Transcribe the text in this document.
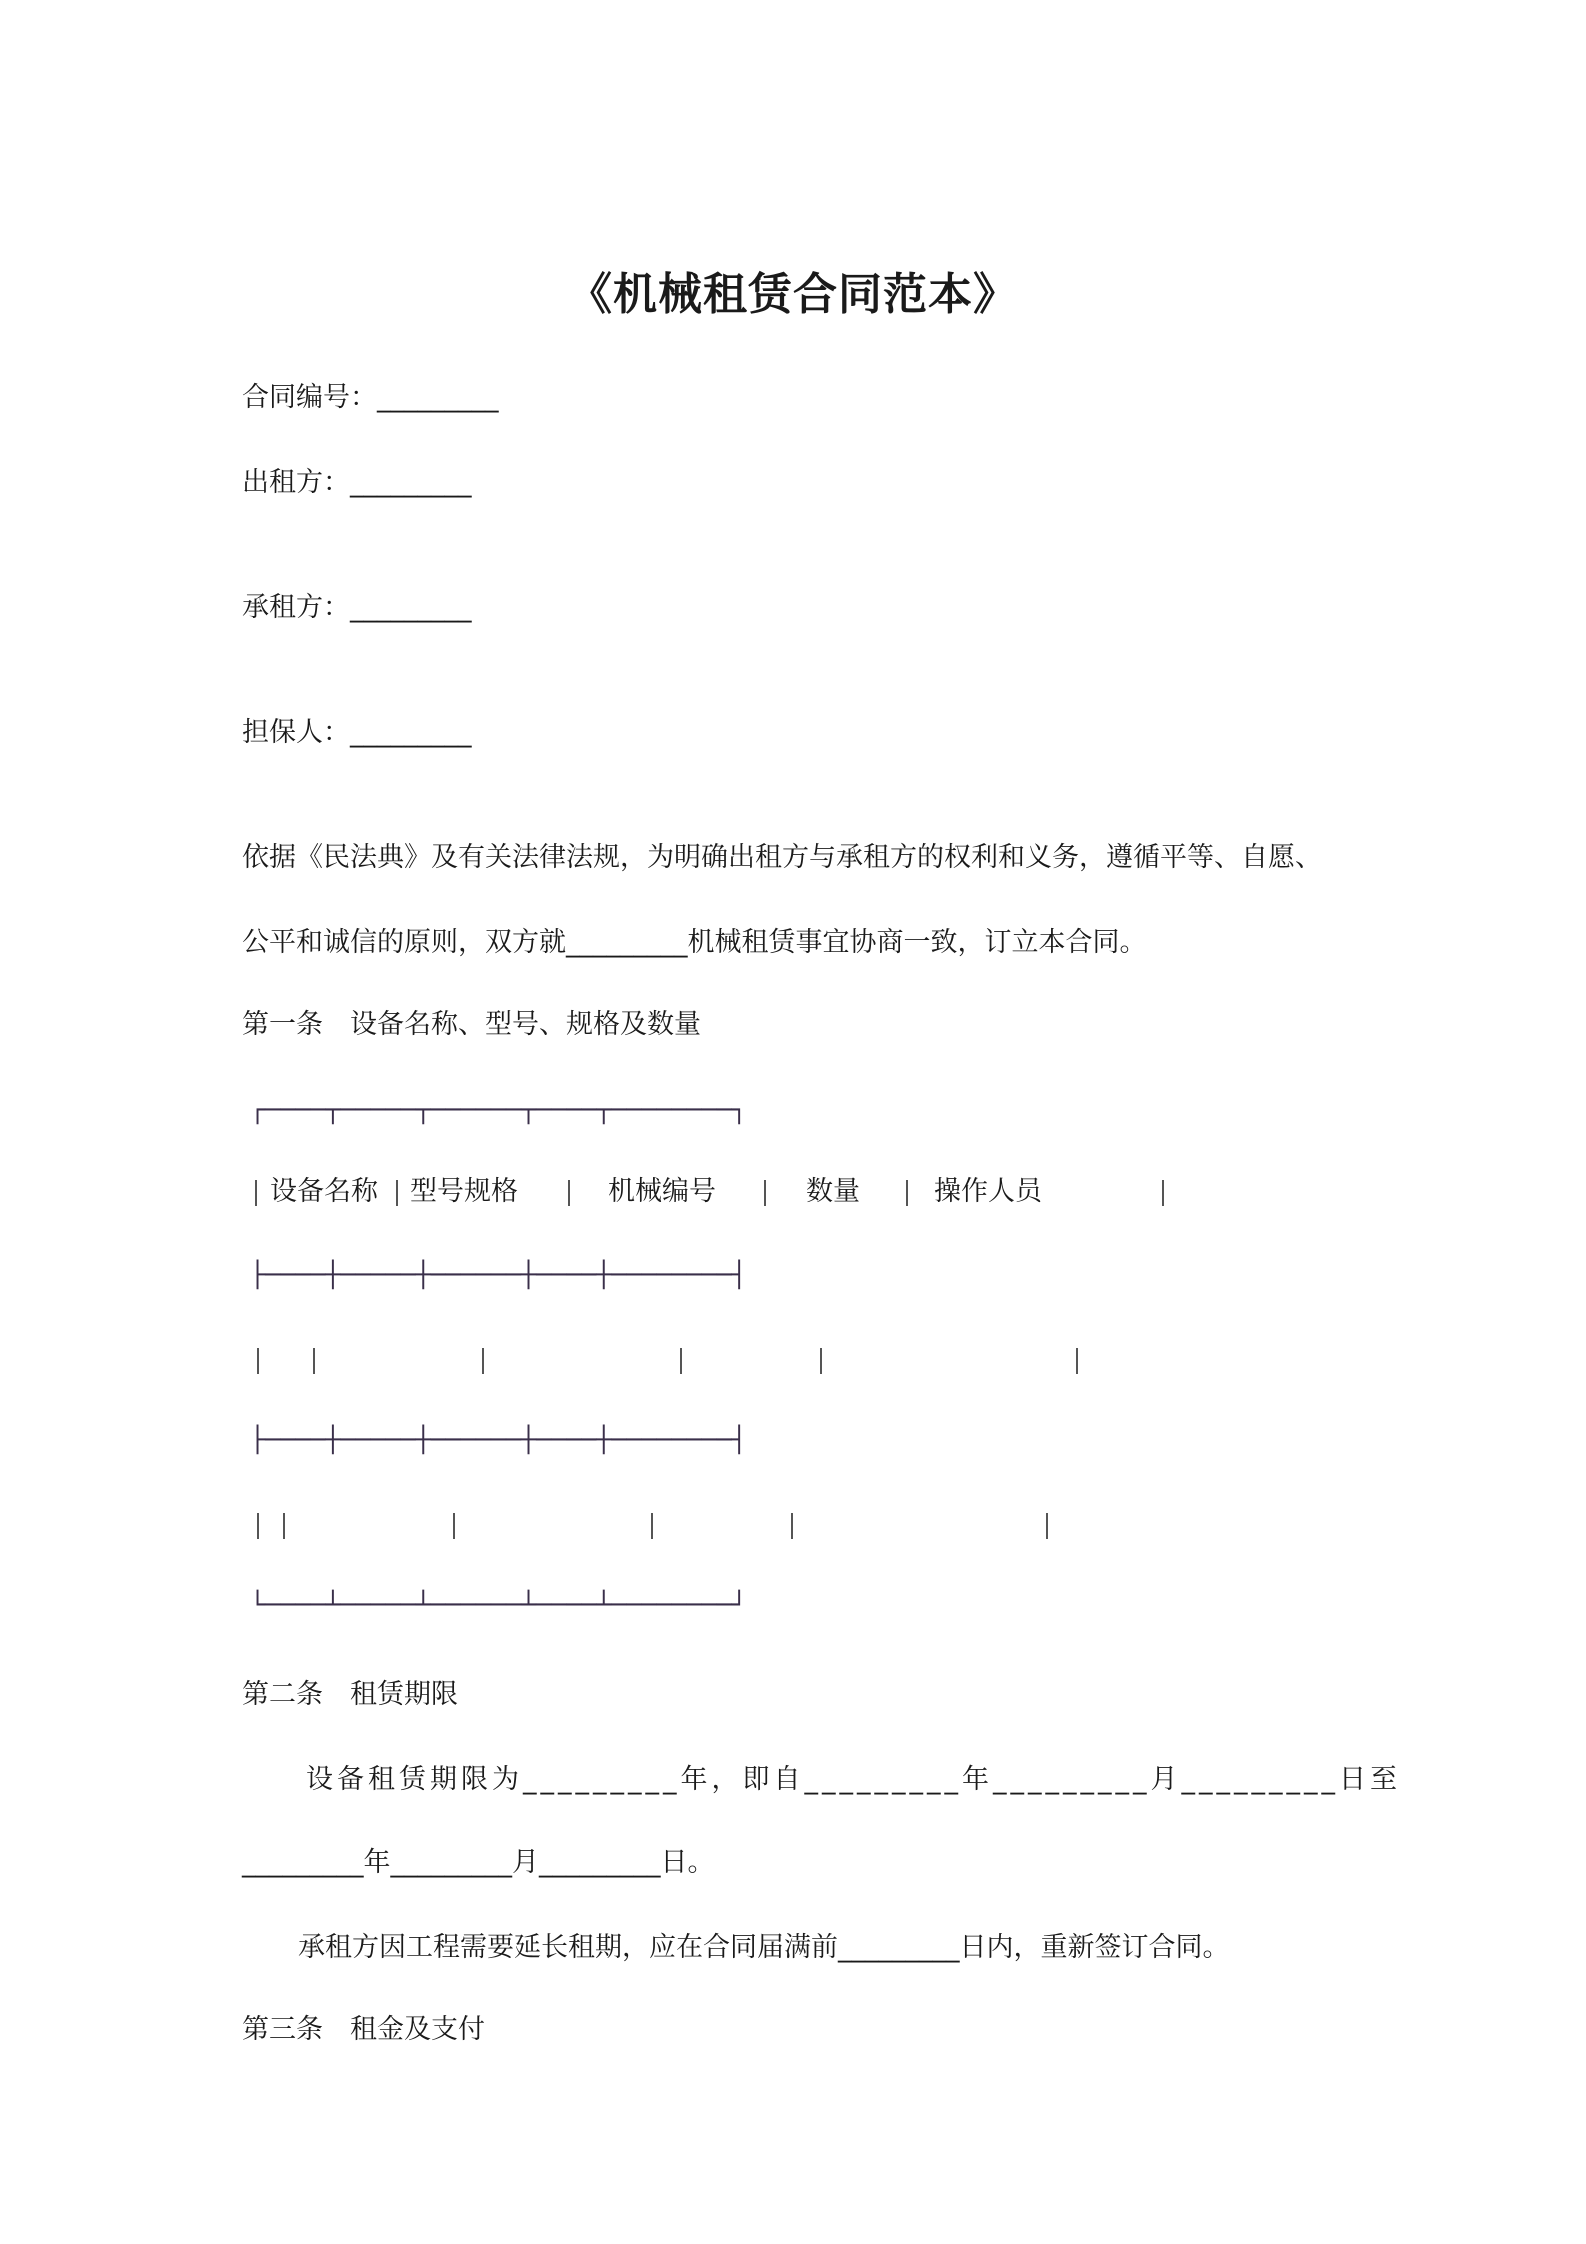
《机械租赁合同范本》
合同编号：_________
出租方：_________
承租方：_________
担保人：_________
依据《民法典》及有关法律法规，为明确出租方与承租方的权利和义务，遵循平等、自愿、
公平和诚信的原则，双方就_________机械租赁事宜协商一致，订立本合同。
第一条　设备名称、型号、规格及数量
┌────┬─────┬──────┬────┬────────┐
设备名称 型号规格	机械编号	数量	操作人员
├────┼─────┼──────┼────┼────────┤
├────┼─────┼──────┼────┼────────┤
└────┴─────┴──────┴────┴────────┘
第二条　租赁期限
设备租赁期限为_________年，即自_________年_________月_________日至
_________年_________月_________日。
承租方因工程需要延长租期，应在合同届满前_________日内，重新签订合同。
第三条　租金及支付
